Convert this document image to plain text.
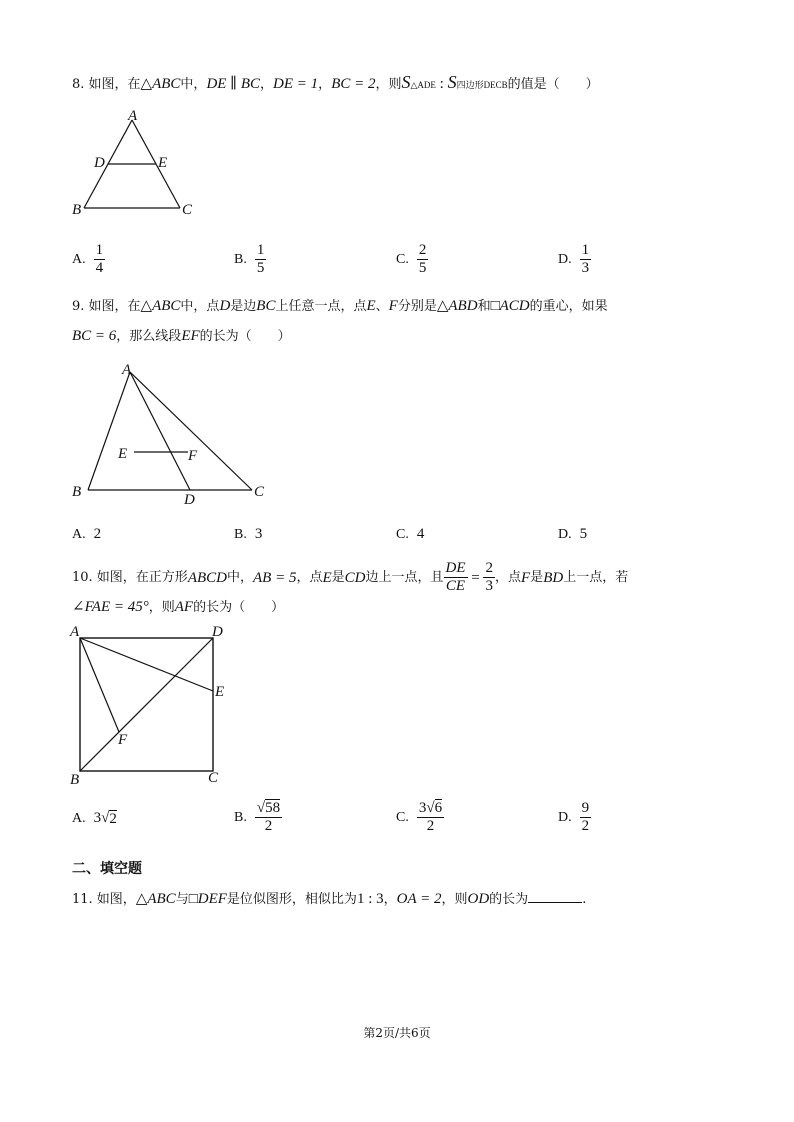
8. 如图，在△ABC中，DE ∥ BC，DE = 1，BC = 2，则S△ADE : S四边形DECB的值是（　　）
A
D	E
B	C
A. $\frac{1}{4}$	B. $\frac{1}{5}$	C. $\frac{2}{5}$	D. $\frac{1}{3}$
9. 如图，在△ABC中，点D是边BC上任意一点，点E、F分别是△ABD和□ACD的重心，如果
BC = 6，那么线段EF的长为（　　）
A
E	F
B	D	C
A. 2	B. 3	C. 4	D. 5
10. 如图，在正方形 ABCD 中， AB = 5 ，点 E 是 CD 边上一点，且 $\frac{DE}{CE} = \frac{2}{3}$ ，点 F 是 BD 上一点，若
∠FAE = 45°，则AF的长为（　　）
A	D
E
F
B	C
A. 3 √ 2	B. $\frac{√58}{2}$	C. $\frac{3√6}{2}$	D. $\frac{9}{2}$
二、填空题
11. 如图，△ABC与□DEF是位似图形，相似比为1 : 3，OA = 2，则OD的长为	.
第2页/共6页
